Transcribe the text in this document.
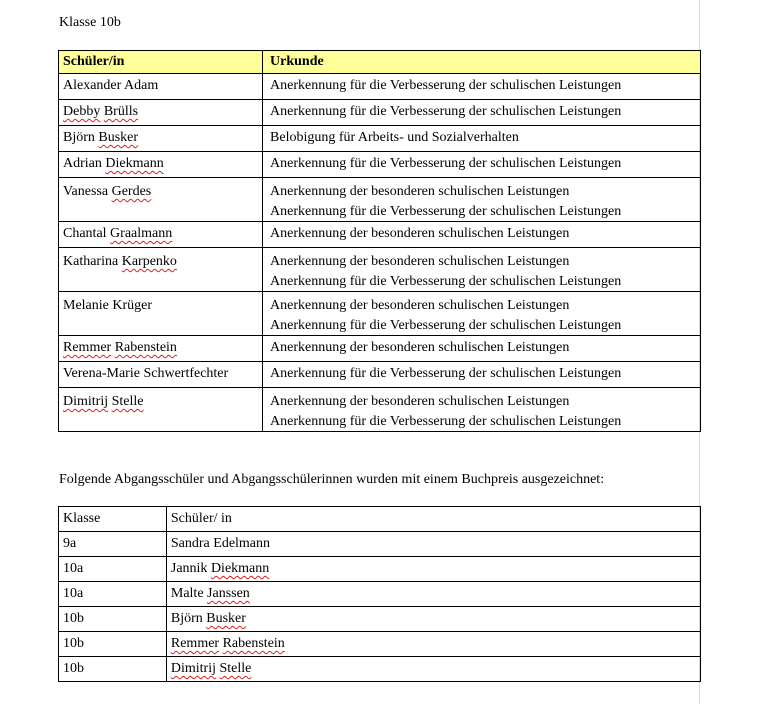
Klasse 10b
Schüler/in	Urkunde
Alexander Adam	Anerkennung für die Verbesserung der schulischen Leistungen

Debby Brülls	Anerkennung für die Verbesserung der schulischen Leistungen

Björn Busker	Belobigung für Arbeits- und Sozialverhalten

Adrian Diekmann	Anerkennung für die Verbesserung der schulischen Leistungen

Vanessa Gerdes	Anerkennung der besonderen schulischen Leistungen
Anerkennung für die Verbesserung der schulischen Leistungen

Chantal Graalmann	Anerkennung der besonderen schulischen Leistungen

Katharina Karpenko	Anerkennung der besonderen schulischen Leistungen
Anerkennung für die Verbesserung der schulischen Leistungen

Melanie Krüger	Anerkennung der besonderen schulischen Leistungen
Anerkennung für die Verbesserung der schulischen Leistungen

Remmer Rabenstein	Anerkennung der besonderen schulischen Leistungen

Verena-Marie Schwertfechter	Anerkennung für die Verbesserung der schulischen Leistungen

Dimitrij Stelle	Anerkennung der besonderen schulischen Leistungen
Anerkennung für die Verbesserung der schulischen Leistungen
Folgende Abgangsschüler und Abgangsschülerinnen wurden mit einem Buchpreis ausgezeichnet:
Klasse	Schüler/ in
9a	Sandra Edelmann
10a	Jannik Diekmann
10a	Malte Janssen
10b	Björn Busker
10b	Remmer Rabenstein
10b	Dimitrij Stelle
